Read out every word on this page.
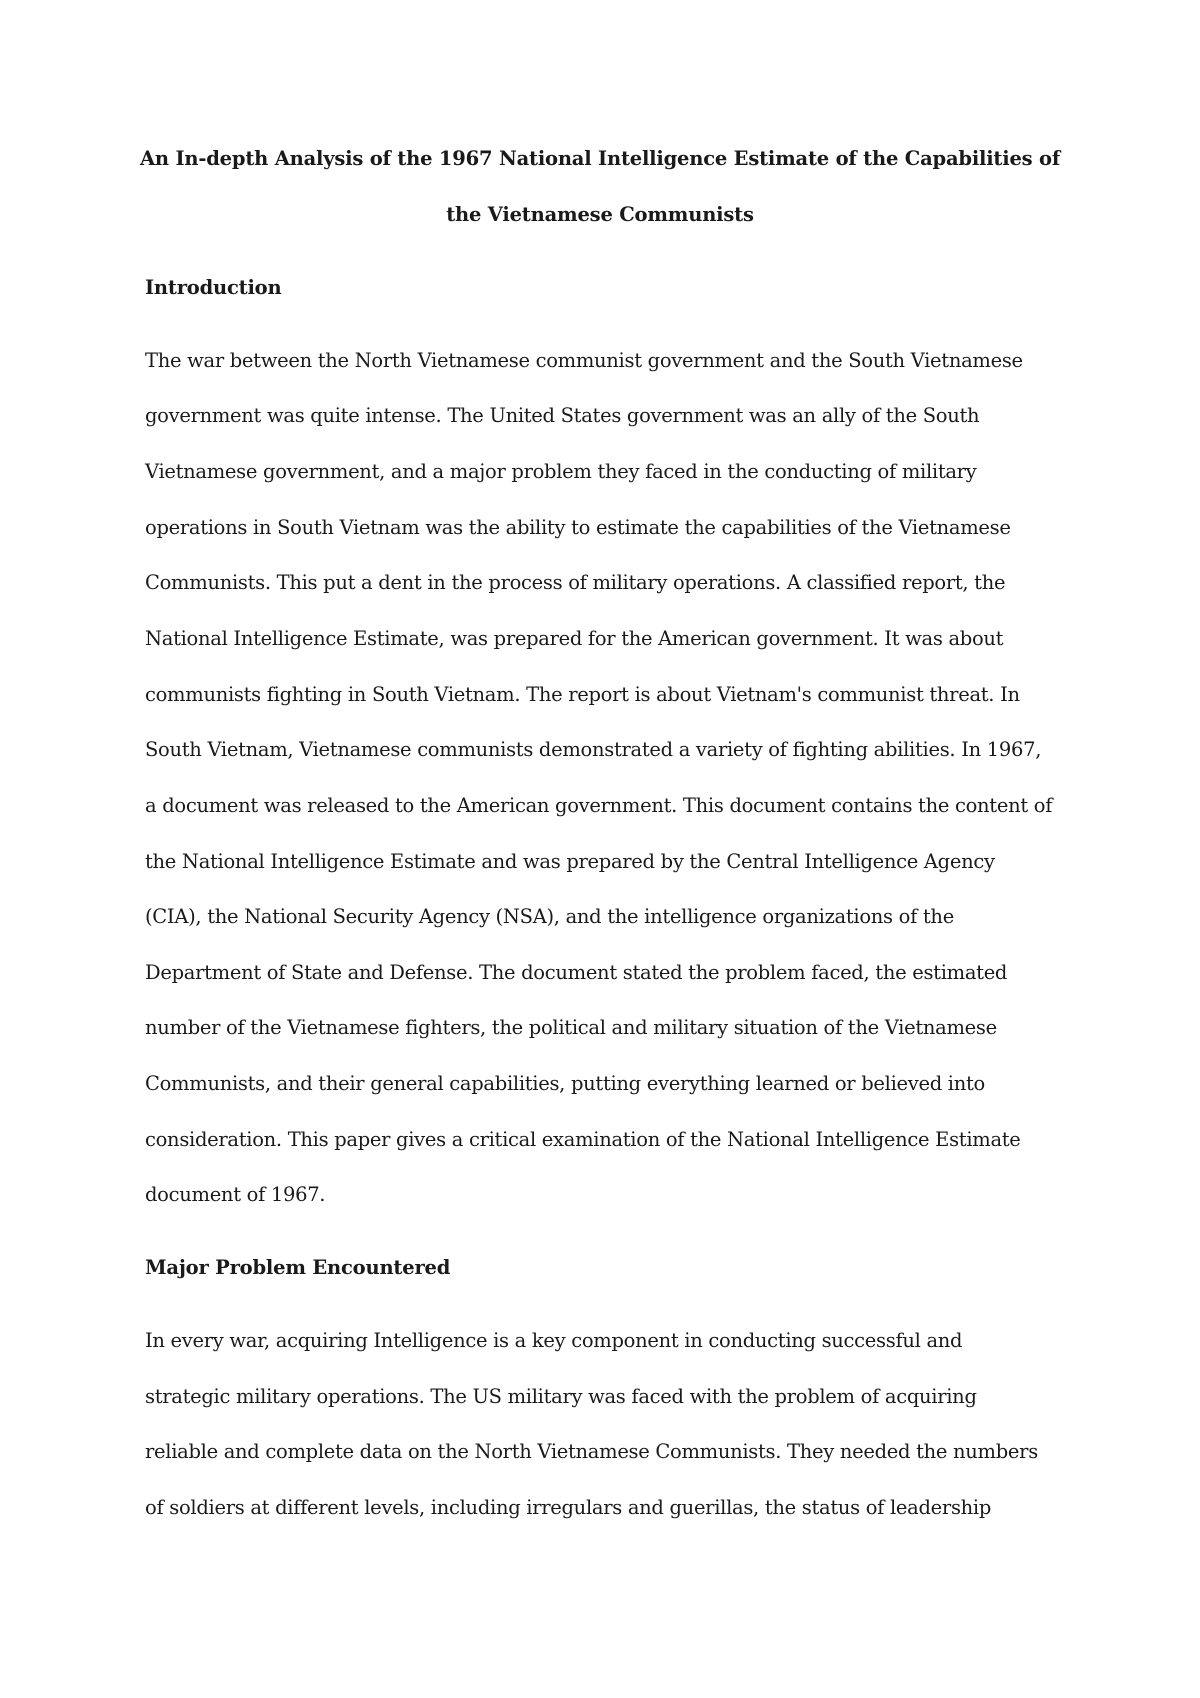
An In-depth Analysis of the 1967 National Intelligence Estimate of the Capabilities of
the Vietnamese Communists
Introduction
The war between the North Vietnamese communist government and the South Vietnamese
government was quite intense. The United States government was an ally of the South
Vietnamese government, and a major problem they faced in the conducting of military
operations in South Vietnam was the ability to estimate the capabilities of the Vietnamese
Communists. This put a dent in the process of military operations. A classified report, the
National Intelligence Estimate, was prepared for the American government. It was about
communists fighting in South Vietnam. The report is about Vietnam's communist threat. In
South Vietnam, Vietnamese communists demonstrated a variety of fighting abilities. In 1967,
a document was released to the American government. This document contains the content of
the National Intelligence Estimate and was prepared by the Central Intelligence Agency
(CIA), the National Security Agency (NSA), and the intelligence organizations of the
Department of State and Defense. The document stated the problem faced, the estimated
number of the Vietnamese fighters, the political and military situation of the Vietnamese
Communists, and their general capabilities, putting everything learned or believed into
consideration. This paper gives a critical examination of the National Intelligence Estimate
document of 1967.
Major Problem Encountered
In every war, acquiring Intelligence is a key component in conducting successful and
strategic military operations. The US military was faced with the problem of acquiring
reliable and complete data on the North Vietnamese Communists. They needed the numbers
of soldiers at different levels, including irregulars and guerillas, the status of leadership
